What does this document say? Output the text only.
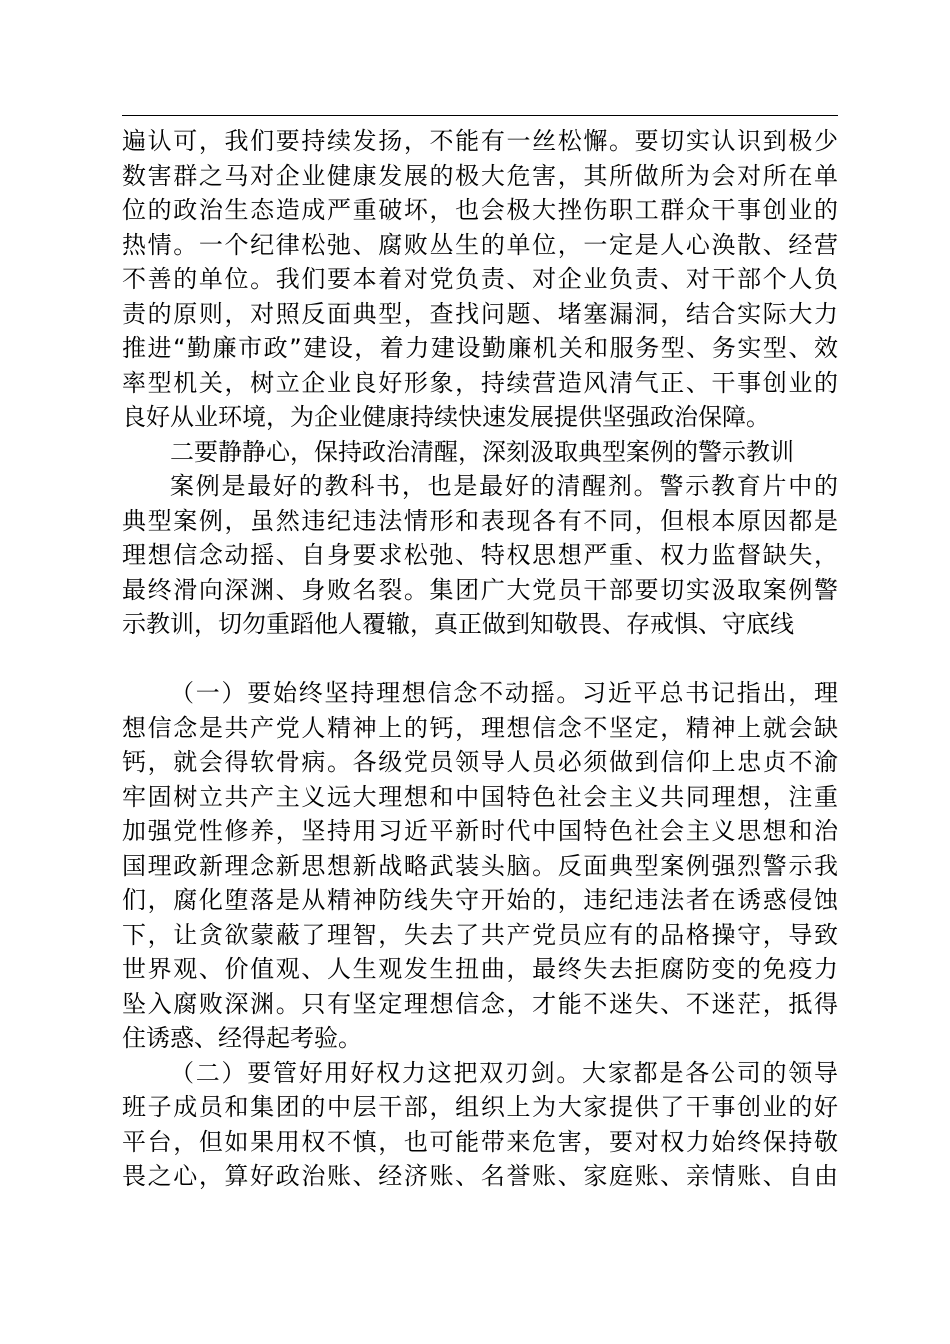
遍认可，我们要持续发扬，不能有一丝松懈。要切实认识到极少
数害群之马对企业健康发展的极大危害，其所做所为会对所在单
位的政治生态造成严重破坏，也会极大挫伤职工群众干事创业的
热情。一个纪律松弛、腐败丛生的单位，一定是人心涣散、经营
不善的单位。我们要本着对党负责、对企业负责、对干部个人负
责的原则，对照反面典型，查找问题、堵塞漏洞，结合实际大力
推进“勤廉市政”建设，着力建设勤廉机关和服务型、务实型、效
率型机关，树立企业良好形象，持续营造风清气正、干事创业的
良好从业环境，为企业健康持续快速发展提供坚强政治保障。
二要静静心，保持政治清醒，深刻汲取典型案例的警示教训
案例是最好的教科书，也是最好的清醒剂。警示教育片中的
典型案例，虽然违纪违法情形和表现各有不同，但根本原因都是
理想信念动摇、自身要求松弛、特权思想严重、权力监督缺失，
最终滑向深渊、身败名裂。集团广大党员干部要切实汲取案例警
示教训，切勿重蹈他人覆辙，真正做到知敬畏、存戒惧、守底线
（一）要始终坚持理想信念不动摇。习近平总书记指出，理
想信念是共产党人精神上的钙，理想信念不坚定，精神上就会缺
钙，就会得软骨病。各级党员领导人员必须做到信仰上忠贞不渝
牢固树立共产主义远大理想和中国特色社会主义共同理想，注重
加强党性修养，坚持用习近平新时代中国特色社会主义思想和治
国理政新理念新思想新战略武装头脑。反面典型案例强烈警示我
们，腐化堕落是从精神防线失守开始的，违纪违法者在诱惑侵蚀
下，让贪欲蒙蔽了理智，失去了共产党员应有的品格操守，导致
世界观、价值观、人生观发生扭曲，最终失去拒腐防变的免疫力
坠入腐败深渊。只有坚定理想信念，才能不迷失、不迷茫，抵得
住诱惑、经得起考验。
（二）要管好用好权力这把双刃剑。大家都是各公司的领导
班子成员和集团的中层干部，组织上为大家提供了干事创业的好
平台，但如果用权不慎，也可能带来危害，要对权力始终保持敬
畏之心，算好政治账、经济账、名誉账、家庭账、亲情账、自由
